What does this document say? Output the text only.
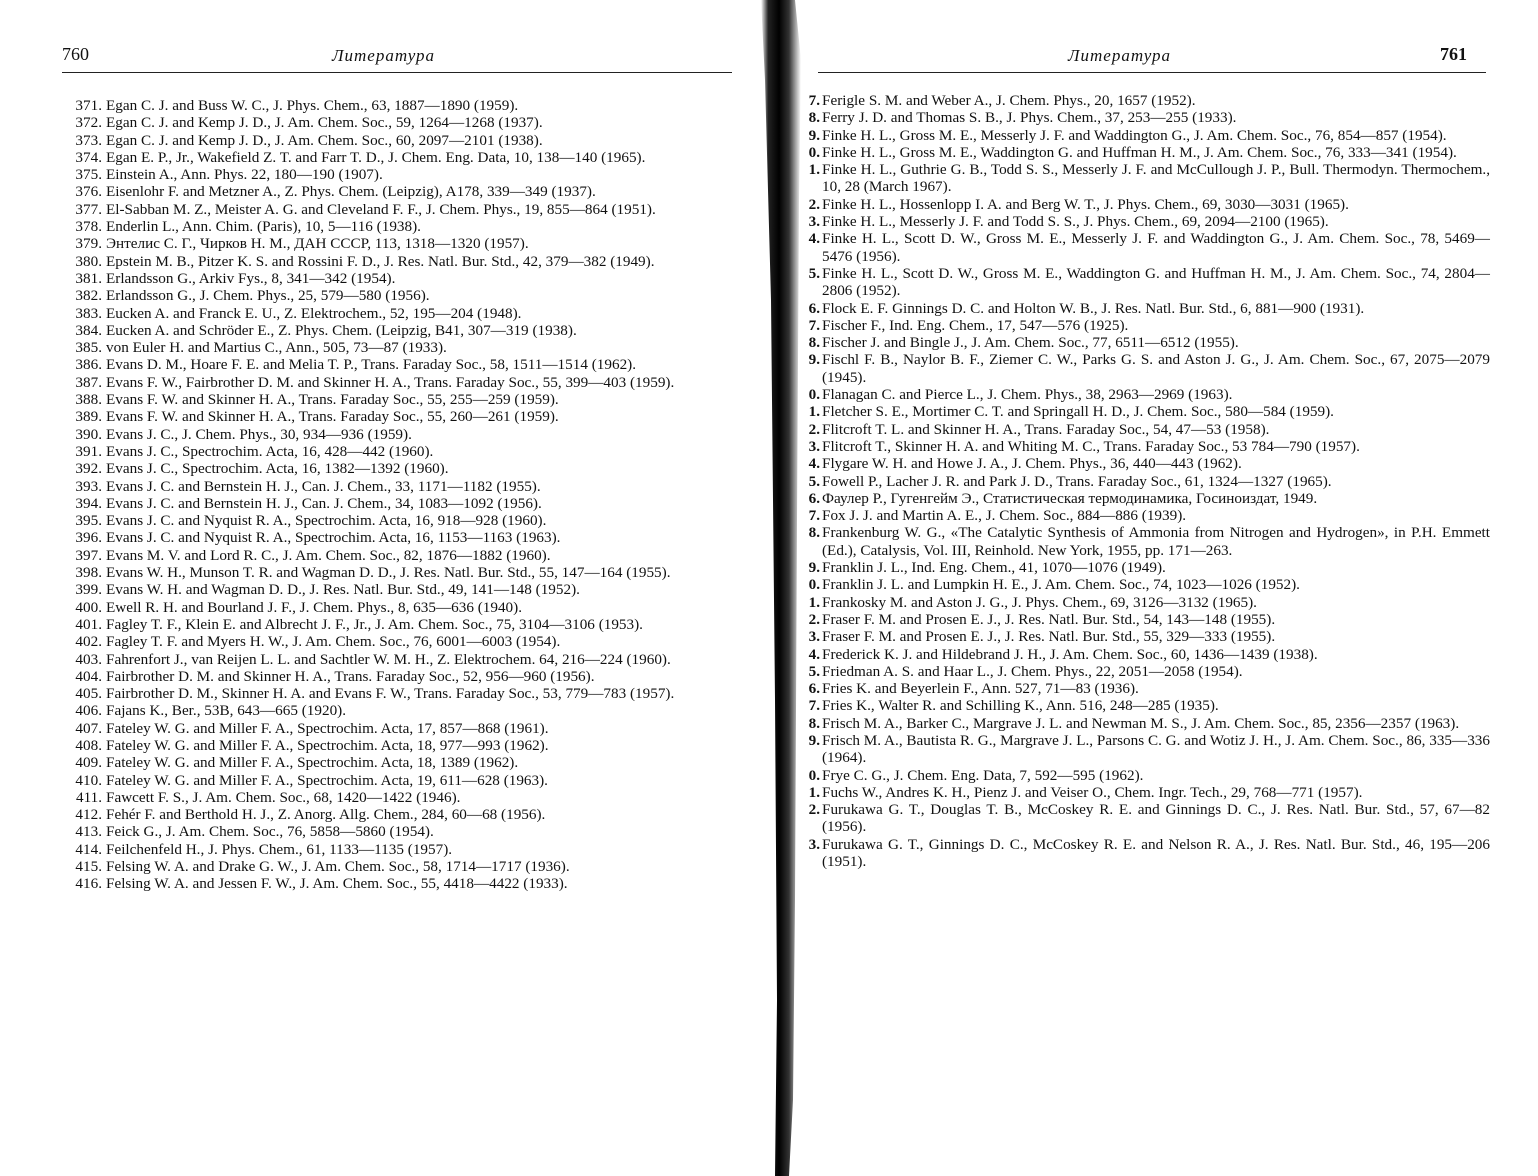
760	Литература
371. Egan C. J. and Buss W. C., J. Phys. Chem., 63, 1887—1890 (1959).
372. Egan C. J. and Kemp J. D., J. Am. Chem. Soc., 59, 1264—1268 (1937).
373. Egan C. J. and Kemp J. D., J. Am. Chem. Soc., 60, 2097—2101 (1938).
374. Egan E. P., Jr., Wakefield Z. T. and Farr T. D., J. Chem. Eng. Data, 10, 138—140 (1965).
375. Einstein A., Ann. Phys. 22, 180—190 (1907).
376. Eisenlohr F. and Metzner A., Z. Phys. Chem. (Leipzig), A178, 339—349 (1937).
377. El-Sabban M. Z., Meister A. G. and Cleveland F. F., J. Chem. Phys., 19, 855—864 (1951).
378. Enderlin L., Ann. Chim. (Paris), 10, 5—116 (1938).
379. Энтелис С. Г., Чирков Н. М., ДАН СССР, 113, 1318—1320 (1957).
380. Epstein M. B., Pitzer K. S. and Rossini F. D., J. Res. Natl. Bur. Std., 42, 379—382 (1949).
381. Erlandsson G., Arkiv Fys., 8, 341—342 (1954).
382. Erlandsson G., J. Chem. Phys., 25, 579—580 (1956).
383. Eucken A. and Franck E. U., Z. Elektrochem., 52, 195—204 (1948).
384. Eucken A. and Schröder E., Z. Phys. Chem. (Leipzig, B41, 307—319 (1938).
385. von Euler H. and Martius C., Ann., 505, 73—87 (1933).
386. Evans D. M., Hoare F. E. and Melia T. P., Trans. Faraday Soc., 58, 1511—1514 (1962).
387. Evans F. W., Fairbrother D. M. and Skinner H. A., Trans. Faraday Soc., 55, 399—403 (1959).
388. Evans F. W. and Skinner H. A., Trans. Faraday Soc., 55, 255—259 (1959).
389. Evans F. W. and Skinner H. A., Trans. Faraday Soc., 55, 260—261 (1959).
390. Evans J. C., J. Chem. Phys., 30, 934—936 (1959).
391. Evans J. C., Spectrochim. Acta, 16, 428—442 (1960).
392. Evans J. C., Spectrochim. Acta, 16, 1382—1392 (1960).
393. Evans J. C. and Bernstein H. J., Can. J. Chem., 33, 1171—1182 (1955).
394. Evans J. C. and Bernstein H. J., Can. J. Chem., 34, 1083—1092 (1956).
395. Evans J. C. and Nyquist R. A., Spectrochim. Acta, 16, 918—928 (1960).
396. Evans J. C. and Nyquist R. A., Spectrochim. Acta, 16, 1153—1163 (1963).
397. Evans M. V. and Lord R. C., J. Am. Chem. Soc., 82, 1876—1882 (1960).
398. Evans W. H., Munson T. R. and Wagman D. D., J. Res. Natl. Bur. Std., 55, 147—164 (1955).
399. Evans W. H. and Wagman D. D., J. Res. Natl. Bur. Std., 49, 141—148 (1952).
400. Ewell R. H. and Bourland J. F., J. Chem. Phys., 8, 635—636 (1940).
401. Fagley T. F., Klein E. and Albrecht J. F., Jr., J. Am. Chem. Soc., 75, 3104—3106 (1953).
402. Fagley T. F. and Myers H. W., J. Am. Chem. Soc., 76, 6001—6003 (1954).
403. Fahrenfort J., van Reijen L. L. and Sachtler W. M. H., Z. Elektrochem. 64, 216—224 (1960).
404. Fairbrother D. M. and Skinner H. A., Trans. Faraday Soc., 52, 956—960 (1956).
405. Fairbrother D. M., Skinner H. A. and Evans F. W., Trans. Faraday Soc., 53, 779—783 (1957).
406. Fajans K., Ber., 53B, 643—665 (1920).
407. Fateley W. G. and Miller F. A., Spectrochim. Acta, 17, 857—868 (1961).
408. Fateley W. G. and Miller F. A., Spectrochim. Acta, 18, 977—993 (1962).
409. Fateley W. G. and Miller F. A., Spectrochim. Acta, 18, 1389 (1962).
410. Fateley W. G. and Miller F. A., Spectrochim. Acta, 19, 611—628 (1963).
411. Fawcett F. S., J. Am. Chem. Soc., 68, 1420—1422 (1946).
412. Fehér F. and Berthold H. J., Z. Anorg. Allg. Chem., 284, 60—68 (1956).
413. Feick G., J. Am. Chem. Soc., 76, 5858—5860 (1954).
414. Feilchenfeld H., J. Phys. Chem., 61, 1133—1135 (1957).
415. Felsing W. A. and Drake G. W., J. Am. Chem. Soc., 58, 1714—1717 (1936).
416. Felsing W. A. and Jessen F. W., J. Am. Chem. Soc., 55, 4418—4422 (1933).
Литература	761
7. Ferigle S. M. and Weber A., J. Chem. Phys., 20, 1657 (1952).
8. Ferry J. D. and Thomas S. B., J. Phys. Chem., 37, 253—255 (1933).
9. Finke H. L., Gross M. E., Messerly J. F. and Waddington G., J. Am. Chem. Soc., 76, 854—857 (1954).
0. Finke H. L., Gross M. E., Waddington G. and Huffman H. M., J. Am. Chem. Soc., 76, 333—341 (1954).
1. Finke H. L., Guthrie G. B., Todd S. S., Messerly J. F. and McCullough J. P., Bull. Thermodyn. Thermochem., 10, 28 (March 1967).
2. Finke H. L., Hossenlopp I. A. and Berg W. T., J. Phys. Chem., 69, 3030—3031 (1965).
3. Finke H. L., Messerly J. F. and Todd S. S., J. Phys. Chem., 69, 2094—2100 (1965).
4. Finke H. L., Scott D. W., Gross M. E., Messerly J. F. and Waddington G., J. Am. Chem. Soc., 78, 5469—5476 (1956).
5. Finke H. L., Scott D. W., Gross M. E., Waddington G. and Huffman H. M., J. Am. Chem. Soc., 74, 2804—2806 (1952).
6. Flock E. F. Ginnings D. C. and Holton W. B., J. Res. Natl. Bur. Std., 6, 881—900 (1931).
7. Fischer F., Ind. Eng. Chem., 17, 547—576 (1925).
8. Fischer J. and Bingle J., J. Am. Chem. Soc., 77, 6511—6512 (1955).
9. Fischl F. B., Naylor B. F., Ziemer C. W., Parks G. S. and Aston J. G., J. Am. Chem. Soc., 67, 2075—2079 (1945).
0. Flanagan C. and Pierce L., J. Chem. Phys., 38, 2963—2969 (1963).
1. Fletcher S. E., Mortimer C. T. and Springall H. D., J. Chem. Soc., 580—584 (1959).
2. Flitcroft T. L. and Skinner H. A., Trans. Faraday Soc., 54, 47—53 (1958).
3. Flitcroft T., Skinner H. A. and Whiting M. C., Trans. Faraday Soc., 53 784—790 (1957).
4. Flygare W. H. and Howe J. A., J. Chem. Phys., 36, 440—443 (1962).
5. Fowell P., Lacher J. R. and Park J. D., Trans. Faraday Soc., 61, 1324—1327 (1965).
6. Фаулер Р., Гугенгейм Э., Статистическая термодинамика, Госиноиздат, 1949.
7. Fox J. J. and Martin A. E., J. Chem. Soc., 884—886 (1939).
8. Frankenburg W. G., «The Catalytic Synthesis of Ammonia from Nitrogen and Hydrogen», in P.H. Emmett (Ed.), Catalysis, Vol. III, Reinhold. New York, 1955, pp. 171—263.
9. Franklin J. L., Ind. Eng. Chem., 41, 1070—1076 (1949).
0. Franklin J. L. and Lumpkin H. E., J. Am. Chem. Soc., 74, 1023—1026 (1952).
1. Frankosky M. and Aston J. G., J. Phys. Chem., 69, 3126—3132 (1965).
2. Fraser F. M. and Prosen E. J., J. Res. Natl. Bur. Std., 54, 143—148 (1955).
3. Fraser F. M. and Prosen E. J., J. Res. Natl. Bur. Std., 55, 329—333 (1955).
4. Frederick K. J. and Hildebrand J. H., J. Am. Chem. Soc., 60, 1436—1439 (1938).
5. Friedman A. S. and Haar L., J. Chem. Phys., 22, 2051—2058 (1954).
6. Fries K. and Beyerlein F., Ann. 527, 71—83 (1936).
7. Fries K., Walter R. and Schilling K., Ann. 516, 248—285 (1935).
8. Frisch M. A., Barker C., Margrave J. L. and Newman M. S., J. Am. Chem. Soc., 85, 2356—2357 (1963).
9. Frisch M. A., Bautista R. G., Margrave J. L., Parsons C. G. and Wotiz J. H., J. Am. Chem. Soc., 86, 335—336 (1964).
0. Frye C. G., J. Chem. Eng. Data, 7, 592—595 (1962).
1. Fuchs W., Andres K. H., Pienz J. and Veiser O., Chem. Ingr. Tech., 29, 768—771 (1957).
2. Furukawa G. T., Douglas T. B., McCoskey R. E. and Ginnings D. C., J. Res. Natl. Bur. Std., 57, 67—82 (1956).
3. Furukawa G. T., Ginnings D. C., McCoskey R. E. and Nelson R. A., J. Res. Natl. Bur. Std., 46, 195—206 (1951).
